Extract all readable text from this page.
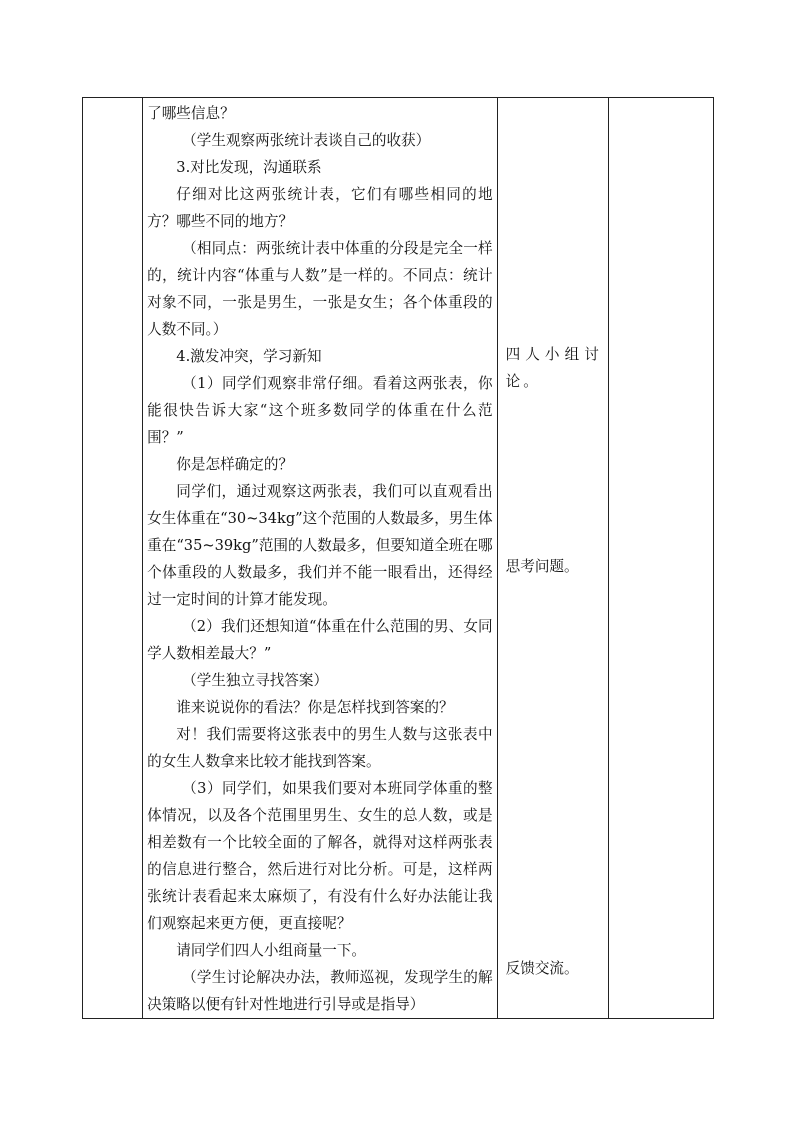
了哪些信息？

（学生观察两张统计表谈自己的收获）

3.对比发现，沟通联系

仔细对比这两张统计表，它们有哪些相同的地方？哪些不同的地方？

（相同点：两张统计表中体重的分段是完全一样的，统计内容“体重与人数”是一样的。不同点：统计对象不同，一张是男生，一张是女生；各个体重段的人数不同。）

4.激发冲突，学习新知

（1）同学们观察非常仔细。看着这两张表，你能很快告诉大家“这个班多数同学的体重在什么范围？”

你是怎样确定的？

同学们，通过观察这两张表，我们可以直观看出女生体重在“30~34kg”这个范围的人数最多，男生体重在“35~39kg”范围的人数最多，但要知道全班在哪个体重段的人数最多，我们并不能一眼看出，还得经过一定时间的计算才能发现。

（2）我们还想知道“体重在什么范围的男、女同学人数相差最大？”

（学生独立寻找答案）

谁来说说你的看法？你是怎样找到答案的？

对！我们需要将这张表中的男生人数与这张表中的女生人数拿来比较才能找到答案。

（3）同学们，如果我们要对本班同学体重的整体情况，以及各个范围里男生、女生的总人数，或是相差数有一个比较全面的了解各，就得对这样两张表的信息进行整合，然后进行对比分析。可是，这样两张统计表看起来太麻烦了，有没有什么好办法能让我们观察起来更方便，更直接呢？

请同学们四人小组商量一下。

（学生讨论解决办法，教师巡视，发现学生的解决策略以便有针对性地进行引导或是指导）

四人小组讨论。

思考问题。

反馈交流。
